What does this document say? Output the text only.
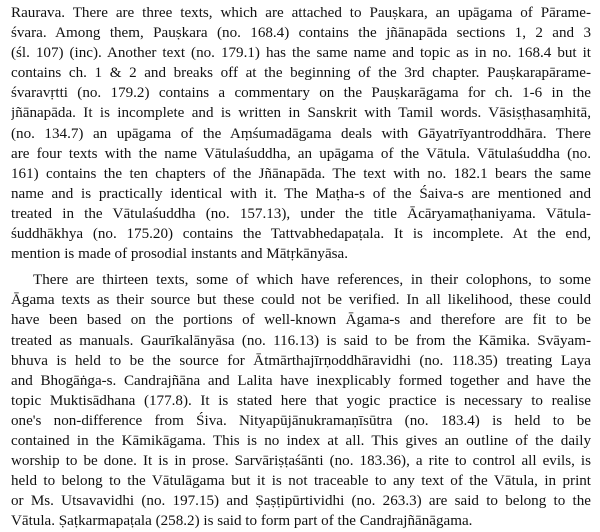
Raurava. There are three texts, which are attached to Pauṣkara, an upāgama of Pārame-
śvara. Among them, Pauṣkara (no. 168.4) contains the jñānapāda sections 1, 2 and 3
(śl. 107) (inc). Another text (no. 179.1) has the same name and topic as in no. 168.4 but it
contains ch. 1 & 2 and breaks off at the beginning of the 3rd chapter. Pauṣkarapārame-
śvaravṛtti (no. 179.2) contains a commentary on the Pauṣkarāgama for ch. 1-6 in the
jñānapāda. It is incomplete and is written in Sanskrit with Tamil words. Vāsiṣṭhasaṃhitā,
(no. 134.7) an upāgama of the Aṃśumadāgama deals with Gāyatrīyantroddhāra. There
are four texts with the name Vātulaśuddha, an upāgama of the Vātula. Vātulaśuddha (no.
161) contains the ten chapters of the Jñānapāda. The text with no. 182.1 bears the same
name and is practically identical with it. The Maṭha-s of the Śaiva-s are mentioned and
treated in the Vātulaśuddha (no. 157.13), under the title Ācāryamaṭhaniyama. Vātula-
śuddhākhya (no. 175.20) contains the Tattvabhedapaṭala. It is incomplete. At the end,
mention is made of prosodial instants and Mātṛkānyāsa.
There are thirteen texts, some of which have references, in their colophons, to some
Āgama texts as their source but these could not be verified. In all likelihood, these could
have been based on the portions of well-known Āgama-s and therefore are fit to be
treated as manuals. Gaurīkalānyāsa (no. 116.13) is said to be from the Kāmika. Svāyam-
bhuva is held to be the source for Ātmārthajīrṇoddhāravidhi (no. 118.35) treating Laya
and Bhogāṅga-s. Candrajñāna and Lalita have inexplicably formed together and have the
topic Muktisādhana (177.8). It is stated here that yogic practice is necessary to realise
one's non-difference from Śiva. Nityapūjānukramaṇīsūtra (no. 183.4) is held to be
contained in the Kāmikāgama. This is no index at all. This gives an outline of the daily
worship to be done. It is in prose. Sarvāriṣṭaśānti (no. 183.36), a rite to control all evils, is
held to belong to the Vātulāgama but it is not traceable to any text of the Vātula, in print
or Ms. Utsavavidhi (no. 197.15) and Ṣaṣṭipūrtividhi (no. 263.3) are said to belong to the
Vātula. Ṣaṭkarmapaṭala (258.2) is said to form part of the Candrajñānāgama.
